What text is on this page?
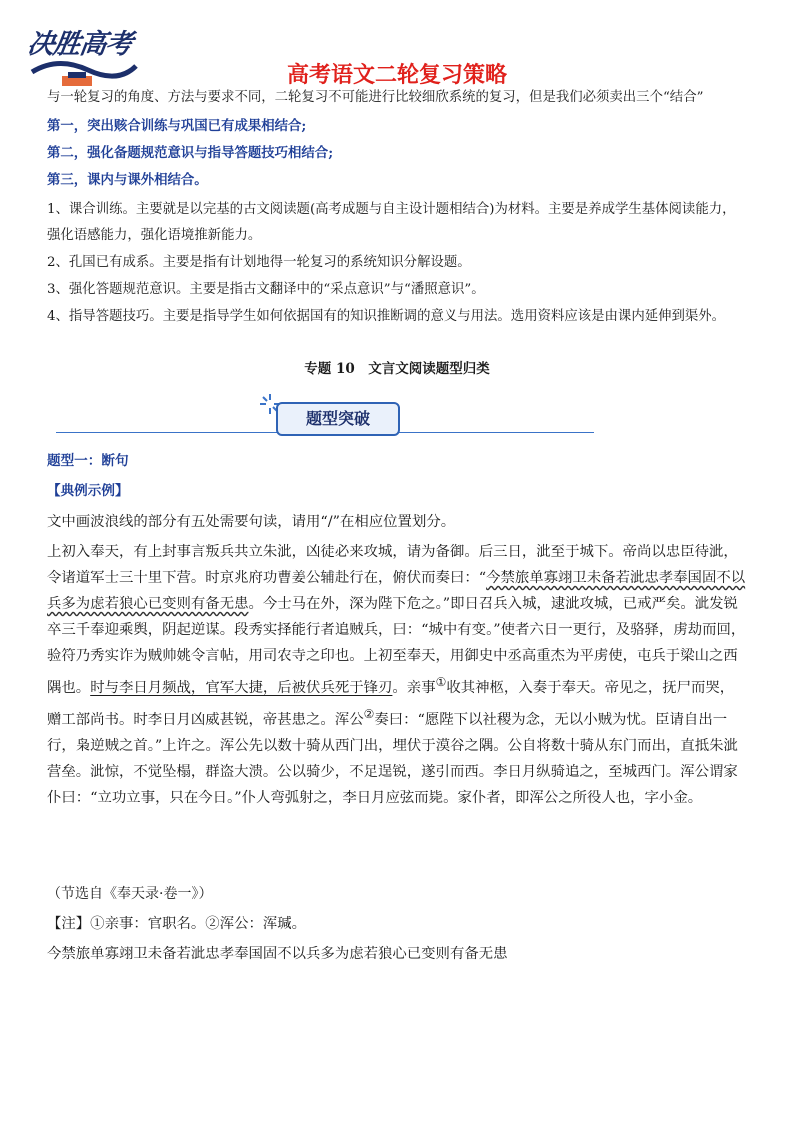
决胜高考
高考语文二轮复习策略
与一轮复习的角度、方法与要求不同，二轮复习不可能进行比较细欣系统的复习，但是我们必须卖出三个“结合”
第一，突出赅合训练与巩国已有成果相结合;
第二，强化备题规范意识与指导答题技巧相结合;
第三，课内与课外相结合。
1、课合训练。主要就是以完基的古文阅读题(高考成题与自主设计题相结合)为材料。主要是养成学生基体阅读能力，
强化语感能力，强化语境推新能力。
2、孔国已有成系。主要是指有计划地得一轮复习的系统知识分解设题。
3、强化答题规范意识。主要是指古文翻译中的“采点意识”与“潘照意识”。
4、指导答题技巧。主要是指导学生如何依据国有的知识推断调的意义与用法。选用资料应该是由课内延伸到渠外。
专题 10　文言文阅读题型归类
题型突破
题型一：断句
【典例示例】
文中画波浪线的部分有五处需要句读，请用“/”在相应位置划分。
上初入奉天，有上封事言叛兵共立朱泚，凶徒必来攻城，请为备御。后三日，泚至于城下。帝尚以忠臣待泚，令诸道军士三十里下营。时京兆府功曹姜公辅赴行在，俯伏而奏曰：“今禁旅单寡翊卫未备若泚忠孝奉国固不以兵多为虑若狼心已变则有备无患。今士马在外，深为陛下危之。”即日召兵入城，逮泚攻城，已戒严矣。泚发锐卒三千奉迎乘舆，阴起逆谋。段秀实择能行者追贼兵，曰：“城中有变。”使者六日一更行，及骆驿，虏劫而回，验符乃秀实诈为贼帅姚令言帖，用司农寺之印也。上初至奉天，用御史中丞高重杰为平虏使，屯兵于梁山之西隅也。时与李日月频战，官军大捷，后被伏兵死于锋刃。亲事①收其神柩，入奏于奉天。帝见之，抚尸而哭，赠工部尚书。时李日月凶威甚锐，帝甚患之。浑公②奏曰：“愿陛下以社稷为念，无以小贼为忧。臣请自出一行，枭逆贼之首。”上许之。浑公先以数十骑从西门出，埋伏于漠谷之隅。公自将数十骑从东门而出，直抵朱泚营垒。泚惊，不觉坠榻，群盗大溃。公以骑少，不足逞锐，遂引而西。李日月纵骑追之，至城西门。浑公谓家仆曰：“立功立事，只在今日。”仆人弯弧射之，李日月应弦而毙。家仆者，即浑公之所役人也，字小金。
（节选自《奉天录·卷一》）
【注】①亲事：官职名。②浑公：浑瑊。
今禁旅单寡翊卫未备若泚忠孝奉国固不以兵多为虑若狼心已变则有备无患
